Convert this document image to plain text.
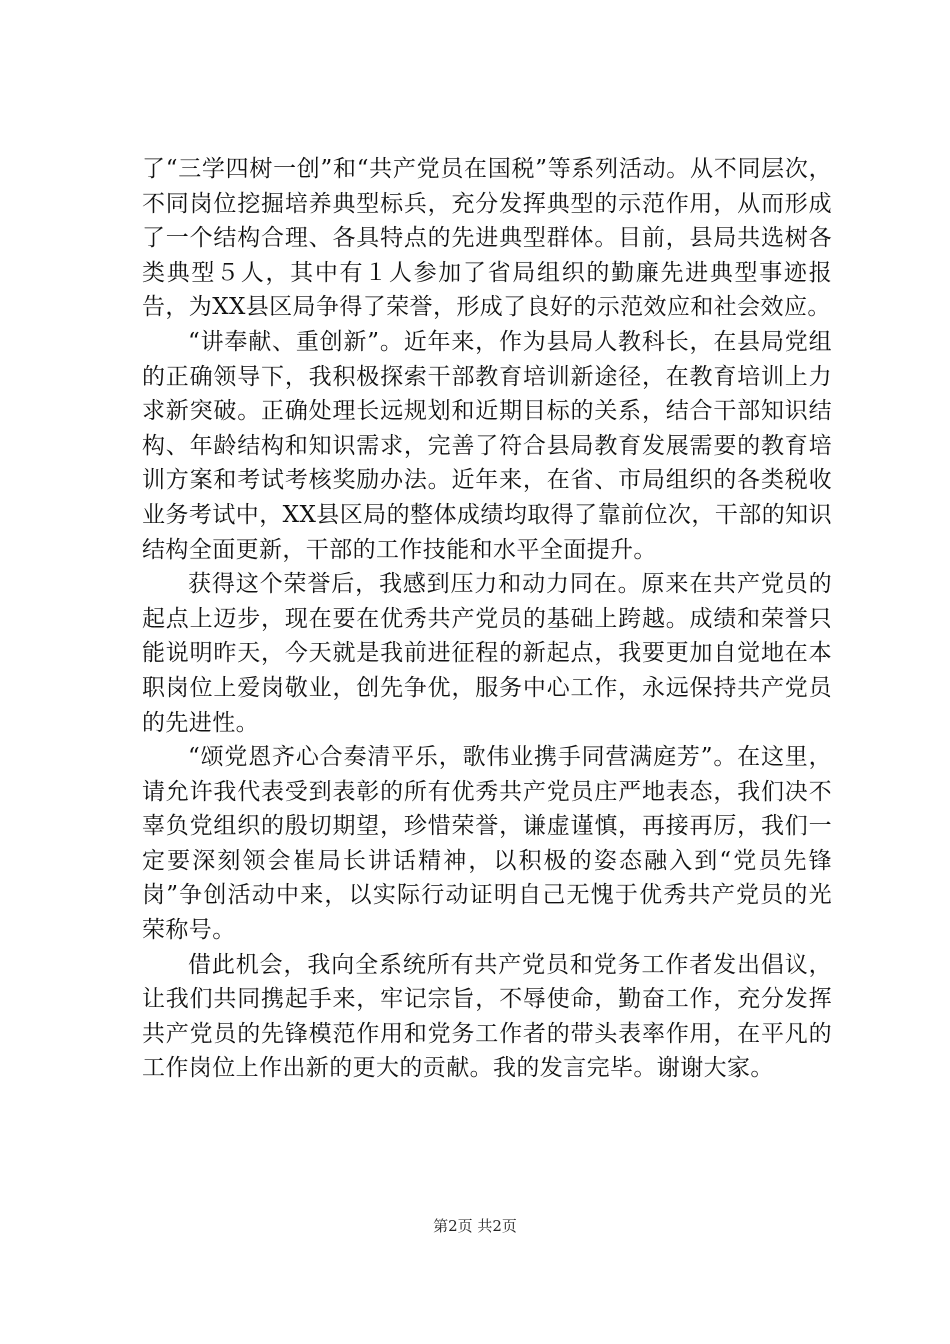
了“三学四树一创”和“共产党员在国税”等系列活动。从不同层次，不同岗位挖掘培养典型标兵，充分发挥典型的示范作用，从而形成了一个结构合理、各具特点的先进典型群体。目前，县局共选树各类典型５人，其中有１人参加了省局组织的勤廉先进典型事迹报告，为XX县区局争得了荣誉，形成了良好的示范效应和社会效应。

“讲奉献、重创新”。近年来，作为县局人教科长，在县局党组的正确领导下，我积极探索干部教育培训新途径，在教育培训上力求新突破。正确处理长远规划和近期目标的关系，结合干部知识结构、年龄结构和知识需求，完善了符合县局教育发展需要的教育培训方案和考试考核奖励办法。近年来，在省、市局组织的各类税收业务考试中，XX县区局的整体成绩均取得了靠前位次，干部的知识结构全面更新，干部的工作技能和水平全面提升。

获得这个荣誉后，我感到压力和动力同在。原来在共产党员的起点上迈步，现在要在优秀共产党员的基础上跨越。成绩和荣誉只能说明昨天，今天就是我前进征程的新起点，我要更加自觉地在本职岗位上爱岗敬业，创先争优，服务中心工作，永远保持共产党员的先进性。

“颂党恩齐心合奏清平乐，歌伟业携手同营满庭芳”。在这里，请允许我代表受到表彰的所有优秀共产党员庄严地表态，我们决不辜负党组织的殷切期望，珍惜荣誉，谦虚谨慎，再接再厉，我们一定要深刻领会崔局长讲话精神，以积极的姿态融入到“党员先锋岗”争创活动中来，以实际行动证明自己无愧于优秀共产党员的光荣称号。

借此机会，我向全系统所有共产党员和党务工作者发出倡议，让我们共同携起手来，牢记宗旨，不辱使命，勤奋工作，充分发挥共产党员的先锋模范作用和党务工作者的带头表率作用，在平凡的工作岗位上作出新的更大的贡献。我的发言完毕。谢谢大家。

第2页 共2页
